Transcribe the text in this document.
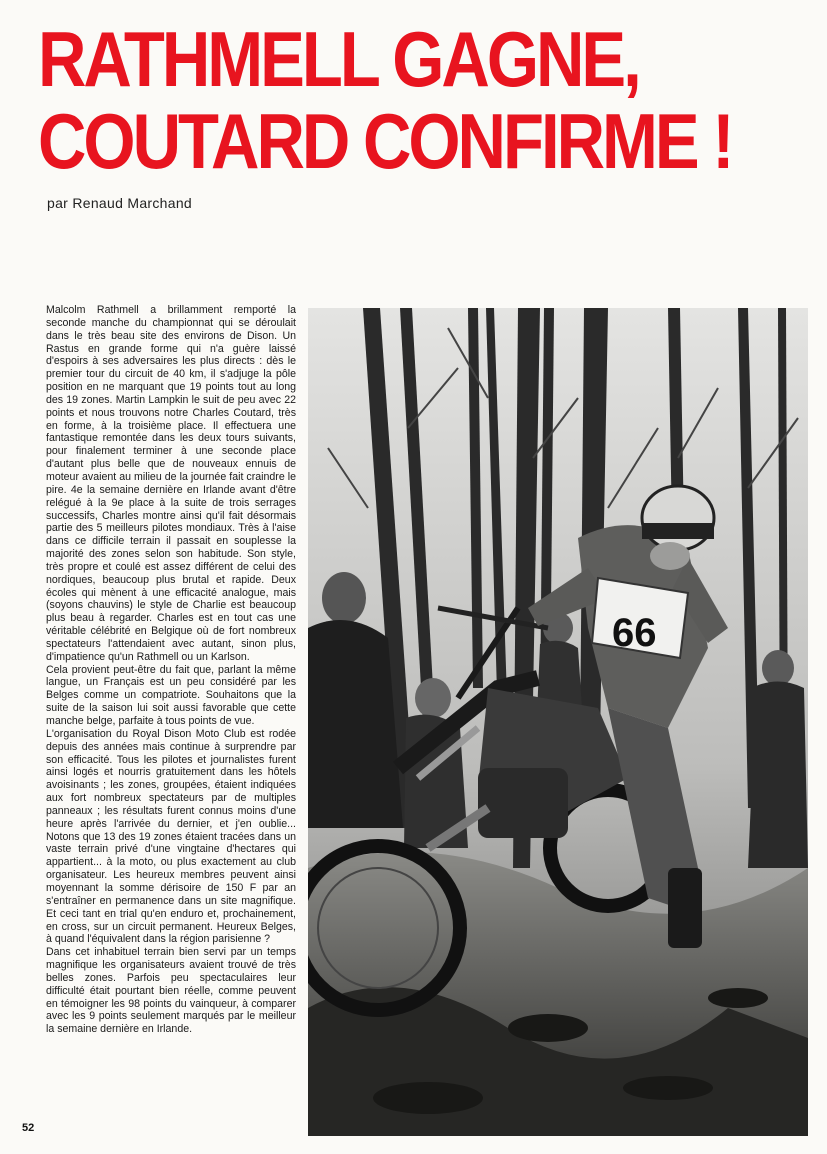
RATHMELL GAGNE,
COUTARD CONFIRME !
par Renaud Marchand

Malcolm Rathmell a brillamment remporté la seconde manche du championnat qui se déroulait dans le très beau site des environs de Dison. Un Rastus en grande forme qui n'a guère laissé d'espoirs à ses adversaires les plus directs : dès le premier tour du circuit de 40 km, il s'adjuge la pôle position en ne marquant que 19 points tout au long des 19 zones. Martin Lampkin le suit de peu avec 22 points et nous trouvons notre Charles Coutard, très en forme, à la troisième place. Il effectuera une fantastique remontée dans les deux tours suivants, pour finalement terminer à une seconde place d'autant plus belle que de nouveaux ennuis de moteur avaient au milieu de la journée fait craindre le pire. 4e la semaine dernière en Irlande avant d'être relégué à la 9e place à la suite de trois serrages successifs, Charles montre ainsi qu'il fait désormais partie des 5 meilleurs pilotes mondiaux. Très à l'aise dans ce difficile terrain il passait en souplesse la majorité des zones selon son habitude. Son style, très propre et coulé est assez différent de celui des nordiques, beaucoup plus brutal et rapide. Deux écoles qui mènent à une efficacité analogue, mais (soyons chauvins) le style de Charlie est beaucoup plus beau à regarder. Charles est en tout cas une véritable célébrité en Belgique où de fort nombreux spectateurs l'attendaient avec autant, sinon plus, d'impatience qu'un Rathmell ou un Karlson.

Cela provient peut-être du fait que, parlant la même langue, un Français est un peu considéré par les Belges comme un compatriote. Souhaitons que la suite de la saison lui soit aussi favorable que cette manche belge, parfaite à tous points de vue.

L'organisation du Royal Dison Moto Club est rodée depuis des années mais continue à surprendre par son efficacité. Tous les pilotes et journalistes furent ainsi logés et nourris gratuitement dans les hôtels avoisinants ; les zones, groupées, étaient indiquées aux fort nombreux spectateurs par de multiples panneaux ; les résultats furent connus moins d'une heure après l'arrivée du dernier, et j'en oublie... Notons que 13 des 19 zones étaient tracées dans un vaste terrain privé d'une vingtaine d'hectares qui appartient... à la moto, ou plus exactement au club organisateur. Les heureux membres peuvent ainsi moyennant la somme dérisoire de 150 F par an s'entraîner en permanence dans un site magnifique. Et ceci tant en trial qu'en enduro et, prochainement, en cross, sur un circuit permanent. Heureux Belges, à quand l'équivalent dans la région parisienne ?

Dans cet inhabituel terrain bien servi par un temps magnifique les organisateurs avaient trouvé de très belles zones. Parfois peu spectaculaires leur difficulté était pourtant bien réelle, comme peuvent en témoigner les 98 points du vainqueur, à comparer avec les 9 points seulement marqués par le meilleur la semaine dernière en Irlande.

52
66
